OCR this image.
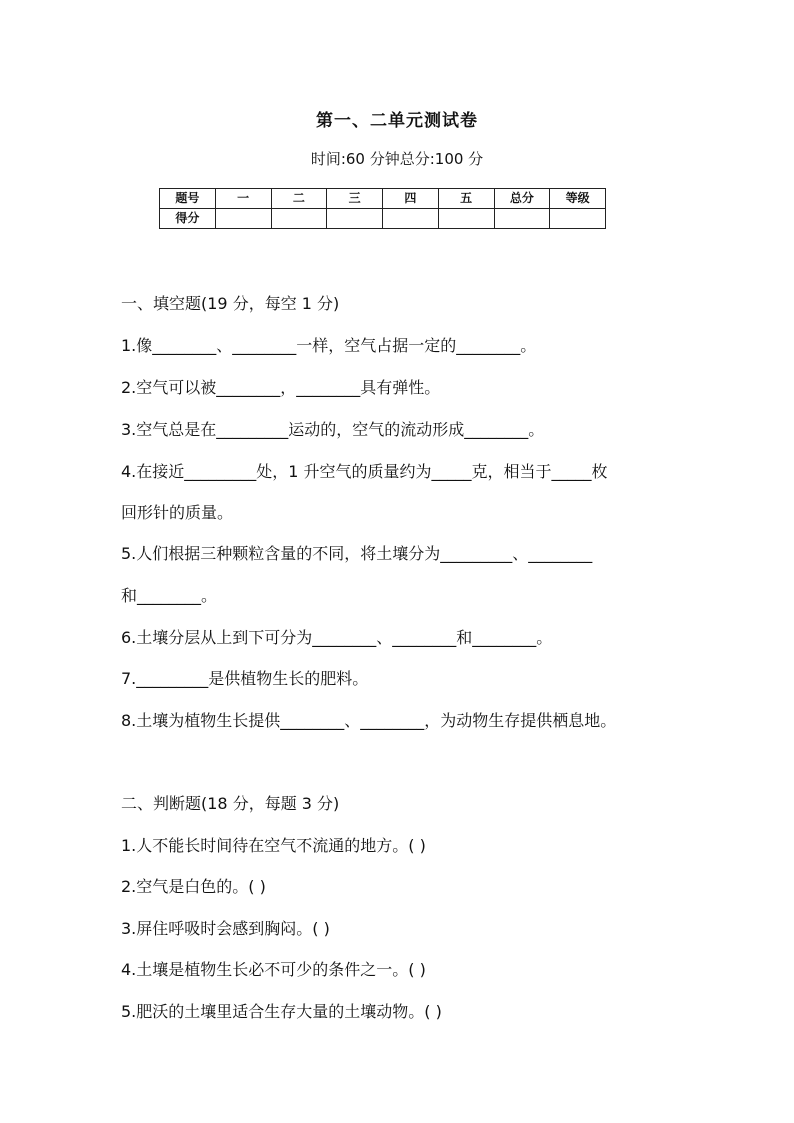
第一、二单元测试卷
时间:60 分钟总分:100 分
题号	一	二	三	四	五	总分	等级
得分							
一、填空题(19 分，每空 1 分)
1.像________、________一样，空气占据一定的________。
2.空气可以被________，________具有弹性。
3.空气总是在_________运动的，空气的流动形成________。
4.在接近_________处，1 升空气的质量约为_____克，相当于_____枚
回形针的质量。
5.人们根据三种颗粒含量的不同，将土壤分为_________、________
和________。
6.土壤分层从上到下可分为________、________和________。
7._________是供植物生长的肥料。
8.土壤为植物生长提供________、________，为动物生存提供栖息地。
二、判断题(18 分，每题 3 分)
1.人不能长时间待在空气不流通的地方。( )
2.空气是白色的。( )
3.屏住呼吸时会感到胸闷。( )
4.土壤是植物生长必不可少的条件之一。( )
5.肥沃的土壤里适合生存大量的土壤动物。( )
